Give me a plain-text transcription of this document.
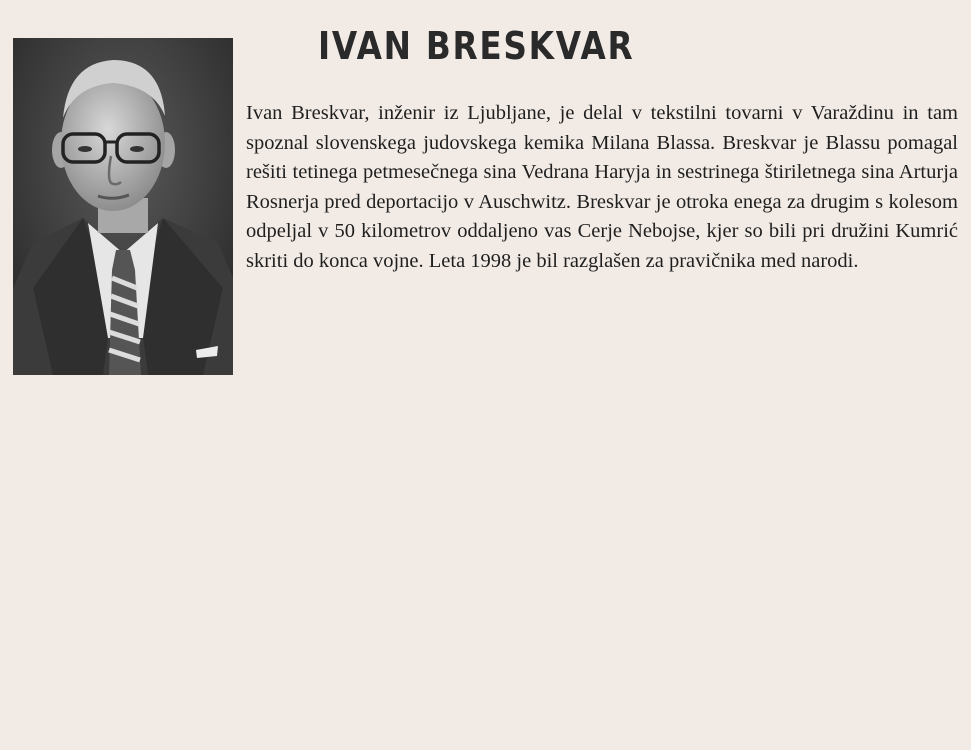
IVAN BRESKVAR

Ivan Breskvar, inženir iz Ljubljane, je delal v tekstilni tovarni v Varaždinu in tam spoznal slovenskega judovskega kemika Milana Blassa. Breskvar je Blassu pomagal rešiti tetinega petmesečnega sina Vedrana Haryja in sestrinega štiriletnega sina Arturja Rosnerja pred deportacijo v Auschwitz. Breskvar je otroka enega za drugim s kolesom odpeljal v 50 kilometrov oddaljeno vas Cerje Nebojse, kjer so bili pri družini Kumrić skriti do konca vojne. Leta 1998 je bil razglašen za pravičnika med narodi.
